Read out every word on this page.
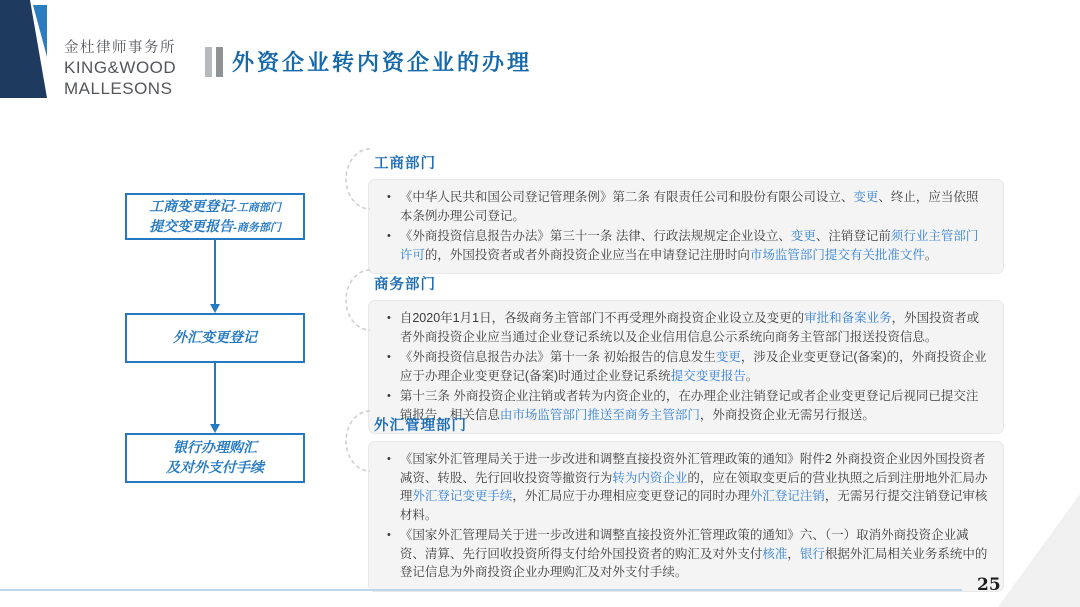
金杜律师事务所
KING&WOOD
MALLESONS
外资企业转内资企业的办理
工商变更登记-工商部门
提交变更报告-商务部门
外汇变更登记
银行办理购汇
及对外支付手续
工商部门
• 《中华人民共和国公司登记管理条例》第二条 有限责任公司和股份有限公司设立、变更、终止，应当依照本条例办理公司登记。
• 《外商投资信息报告办法》第三十一条 法律、行政法规规定企业设立、变更、注销登记前须行业主管部门许可的，外国投资者或者外商投资企业应当在申请登记注册时向市场监管部门提交有关批准文件。
商务部门
• 自2020年1月1日，各级商务主管部门不再受理外商投资企业设立及变更的审批和备案业务，外国投资者或者外商投资企业应当通过企业登记系统以及企业信用信息公示系统向商务主管部门报送投资信息。
• 《外商投资信息报告办法》第十一条 初始报告的信息发生变更，涉及企业变更登记(备案)的，外商投资企业应于办理企业变更登记(备案)时通过企业登记系统提交变更报告。
• 第十三条 外商投资企业注销或者转为内资企业的，在办理企业注销登记或者企业变更登记后视同已提交注销报告，相关信息由市场监管部门推送至商务主管部门，外商投资企业无需另行报送。
外汇管理部门
• 《国家外汇管理局关于进一步改进和调整直接投资外汇管理政策的通知》附件2 外商投资企业因外国投资者减资、转股、先行回收投资等撤资行为转为内资企业的，应在领取变更后的营业执照之后到注册地外汇局办理外汇登记变更手续，外汇局应于办理相应变更登记的同时办理外汇登记注销，无需另行提交注销登记审核材料。
• 《国家外汇管理局关于进一步改进和调整直接投资外汇管理政策的通知》六、（一）取消外商投资企业减资、清算、先行回收投资所得支付给外国投资者的购汇及对外支付核准，银行根据外汇局相关业务系统中的登记信息为外商投资企业办理购汇及对外支付手续。
25
